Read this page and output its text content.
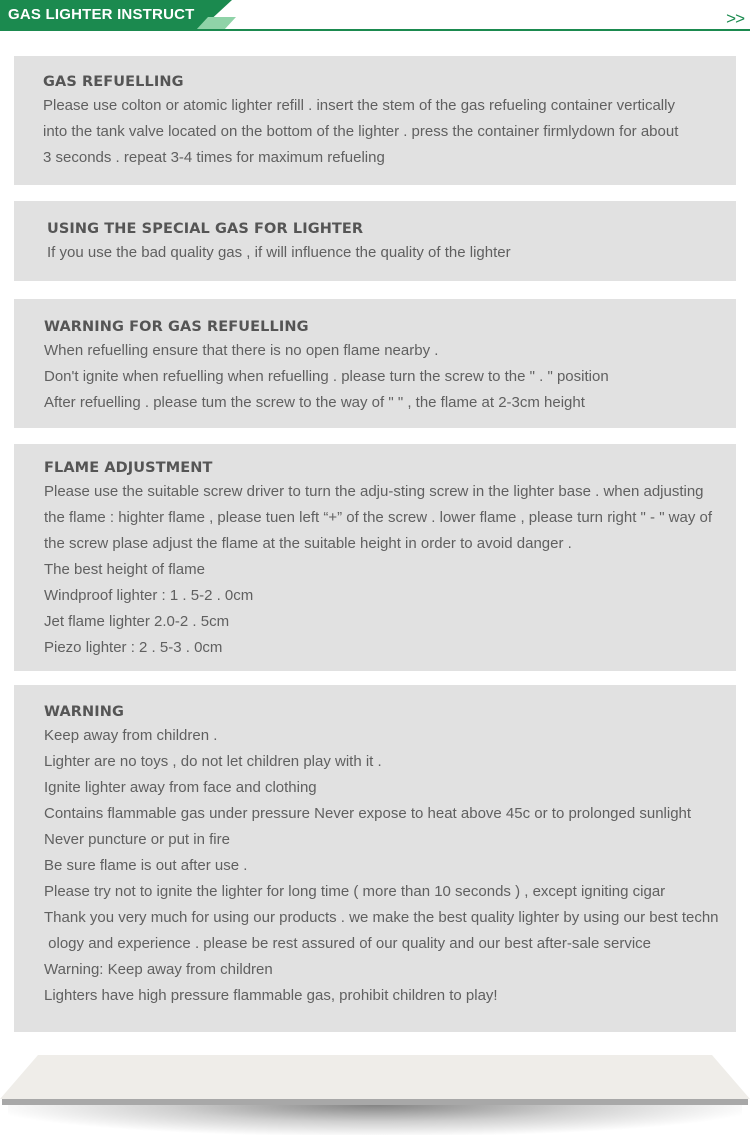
GAS LIGHTER INSTRUCT	>>
GAS REFUELLING
Please use colton or atomic lighter refill . insert the stem of the gas refueling container vertically
into the tank valve located on the bottom of the lighter . press the container firmlydown for about
3 seconds . repeat 3-4 times for maximum refueling
USING THE SPECIAL GAS FOR LIGHTER
If you use the bad quality gas , if will influence the quality of the lighter
WARNING FOR GAS REFUELLING
When refuelling ensure that there is no open flame nearby .
Don't ignite when refuelling when refuelling . please turn the screw to the " . " position
After refuelling . please tum the screw to the way of " " , the flame at 2-3cm height
FLAME ADJUSTMENT
Please use the suitable screw driver to turn the adju-sting screw in the lighter base . when adjusting
the flame : highter flame , please tuen left “+” of the screw . lower flame , please turn right " - " way of
the screw plase adjust the flame at the suitable height in order to avoid danger .
The best height of flame
Windproof lighter : 1 . 5-2 . 0cm
Jet flame lighter 2.0-2 . 5cm
Piezo lighter : 2 . 5-3 . 0cm
WARNING
Keep away from children .
Lighter are no toys , do not let children play with it .
Ignite lighter away from face and clothing
Contains flammable gas under pressure Never expose to heat above 45c or to prolonged sunlight
Never puncture or put in fire
Be sure flame is out after use .
Please try not to ignite the lighter for long time ( more than 10 seconds ) , except igniting cigar
Thank you very much for using our products . we make the best quality lighter by using our best techn
ology and experience . please be rest assured of our quality and our best after-sale service
Warning: Keep away from children
Lighters have high pressure flammable gas, prohibit children to play!
